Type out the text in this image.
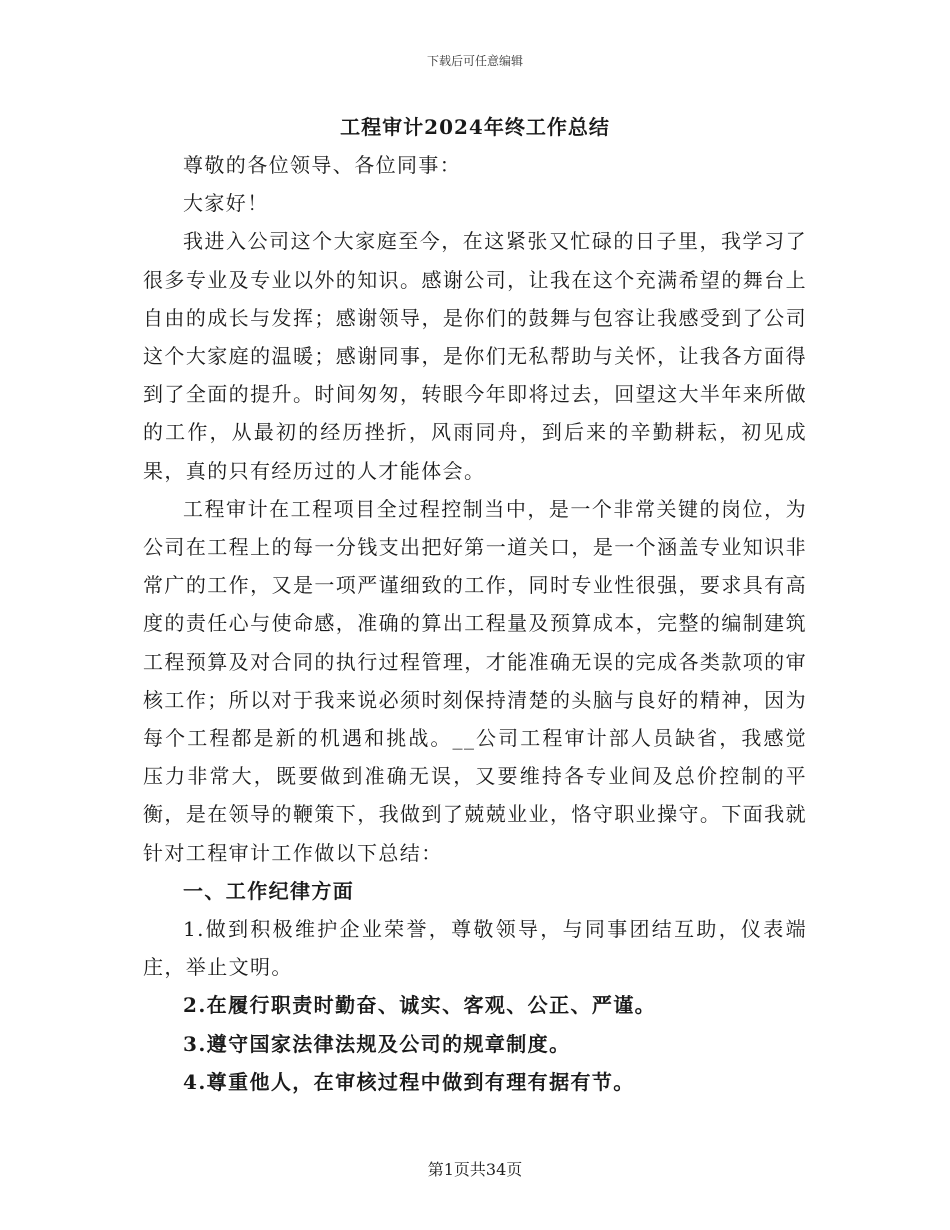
下载后可任意编辑
工程审计2024年终工作总结

尊敬的各位领导、各位同事：

大家好！

我进入公司这个大家庭至今，在这紧张又忙碌的日子里，我学习了很多专业及专业以外的知识。感谢公司，让我在这个充满希望的舞台上自由的成长与发挥；感谢领导，是你们的鼓舞与包容让我感受到了公司这个大家庭的温暖；感谢同事，是你们无私帮助与关怀，让我各方面得到了全面的提升。时间匆匆，转眼今年即将过去，回望这大半年来所做的工作，从最初的经历挫折，风雨同舟，到后来的辛勤耕耘，初见成果，真的只有经历过的人才能体会。

工程审计在工程项目全过程控制当中，是一个非常关键的岗位，为公司在工程上的每一分钱支出把好第一道关口，是一个涵盖专业知识非常广的工作，又是一项严谨细致的工作，同时专业性很强，要求具有高度的责任心与使命感，准确的算出工程量及预算成本，完整的编制建筑工程预算及对合同的执行过程管理，才能准确无误的完成各类款项的审核工作；所以对于我来说必须时刻保持清楚的头脑与良好的精神，因为每个工程都是新的机遇和挑战。__公司工程审计部人员缺省，我感觉压力非常大，既要做到准确无误，又要维持各专业间及总价控制的平衡，是在领导的鞭策下，我做到了兢兢业业，恪守职业操守。下面我就针对工程审计工作做以下总结：

一、工作纪律方面

1.做到积极维护企业荣誉，尊敬领导，与同事团结互助，仪表端庄，举止文明。

2.在履行职责时勤奋、诚实、客观、公正、严谨。

3.遵守国家法律法规及公司的规章制度。

4.尊重他人，在审核过程中做到有理有据有节。

第1页共34页
